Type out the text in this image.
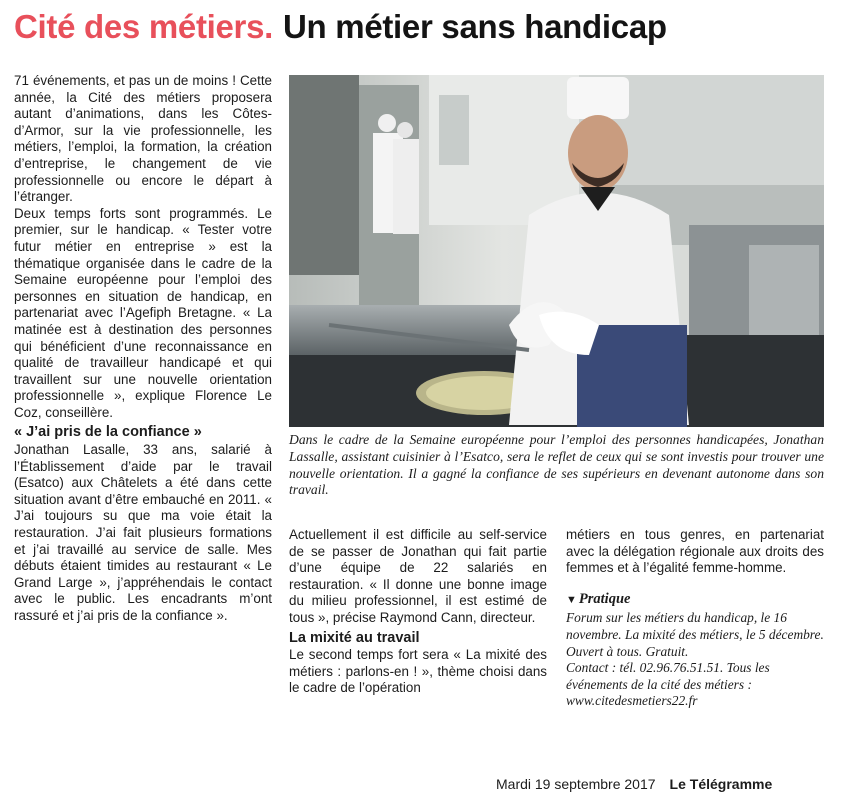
Cité des métiers. Un métier sans handicap

71 événements, et pas un de moins ! Cette année, la Cité des métiers proposera autant d’animations, dans les Côtes-d’Armor, sur la vie professionnelle, les métiers, l’emploi, la formation, la création d’entreprise, le changement de vie professionnelle ou encore le départ à l’étranger.

Deux temps forts sont programmés. Le premier, sur le handicap. « Tester votre futur métier en entreprise » est la thématique organisée dans le cadre de la Semaine européenne pour l’emploi des personnes en situation de handicap, en partenariat avec l’Agefiph Bretagne. « La matinée est à destination des personnes qui bénéficient d’une reconnaissance en qualité de travailleur handicapé et qui travaillent sur une nouvelle orientation professionnelle », explique Florence Le Coz, conseillère.

« J’ai pris de la confiance »

Jonathan Lasalle, 33 ans, salarié à l’Établissement d’aide par le travail (Esatco) aux Châtelets a été dans cette situation avant d’être embauché en 2011. « J’ai toujours su que ma voie était la restauration. J’ai fait plusieurs formations et j’ai travaillé au service de salle. Mes débuts étaient timides au restaurant « Le Grand Large », j’appréhendais le contact avec le public. Les encadrants m’ont rassuré et j’ai pris de la confiance ».

Dans le cadre de la Semaine européenne pour l’emploi des personnes handicapées, Jonathan Lassalle, assistant cuisinier à l’Esatco, sera le reflet de ceux qui se sont investis pour trouver une nouvelle orientation. Il a gagné la confiance de ses supérieurs en devenant autonome dans son travail.

Actuellement il est difficile au self-service de se passer de Jonathan qui fait partie d’une équipe de 22 salariés en restauration. « Il donne une bonne image du milieu professionnel, il est estimé de tous », précise Raymond Cann, directeur.

La mixité au travail

Le second temps fort sera « La mixité des métiers : parlons-en ! », thème choisi dans le cadre de l’opération

métiers en tous genres, en partenariat avec la délégation régionale aux droits des femmes et à l’égalité femme-homme.

▼ Pratique
Forum sur les métiers du handicap, le 16 novembre. La mixité des métiers, le 5 décembre. Ouvert à tous. Gratuit.
Contact : tél. 02.96.76.51.51. Tous les événements de la cité des métiers : www.citedesmetiers22.fr
Mardi 19 septembre 2017 Le Télégramme
